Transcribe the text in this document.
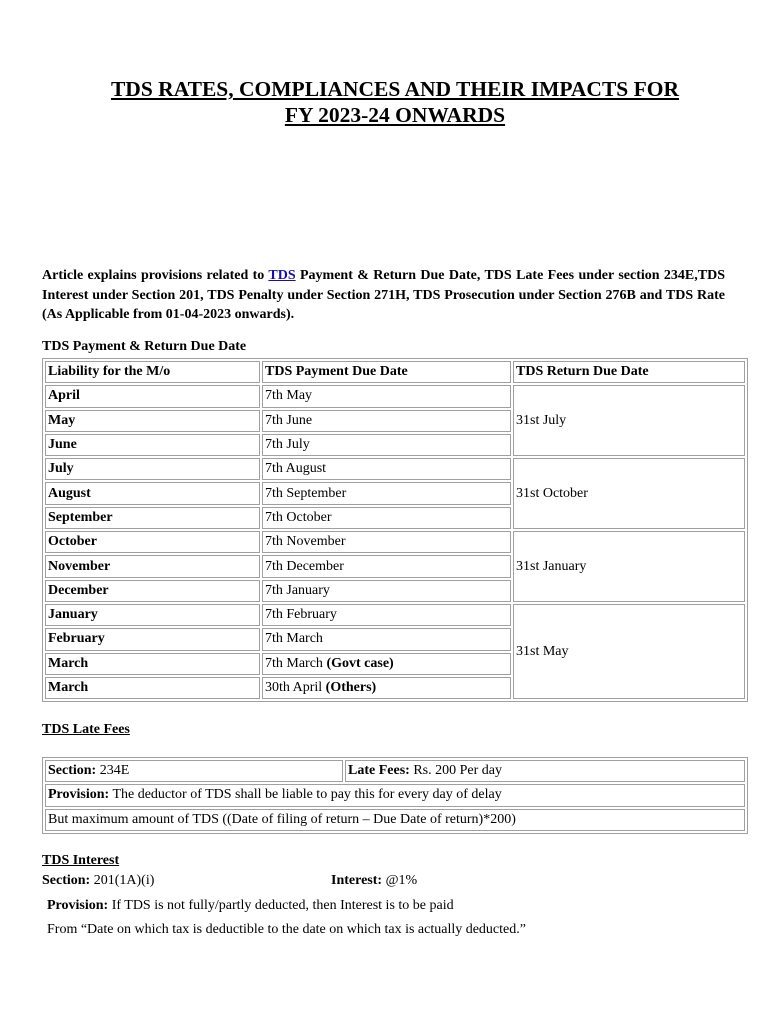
TDS RATES, COMPLIANCES AND THEIR IMPACTS FOR
FY 2023-24 ONWARDS
Article explains provisions related to TDS Payment & Return Due Date, TDS Late Fees under section 234E,TDS Interest under Section 201, TDS Penalty under Section 271H, TDS Prosecution under Section 276B and TDS Rate (As Applicable from 01-04-2023 onwards).
TDS Payment & Return Due Date
Liability for the M/o	TDS Payment Due Date	TDS Return Due Date
April	7th May	31st July
May	7th June	
June	7th July	
July	7th August	31st October
August	7th September	
September	7th October	
October	7th November	31st January
November	7th December	
December	7th January	
January	7th February	31st May
February	7th March	
March	7th March (Govt case)	
March	30th April (Others)	
TDS Late Fees
Section: 234E	Late Fees: Rs. 200 Per day
Provision: The deductor of TDS shall be liable to pay this for every day of delay
But maximum amount of TDS ((Date of filing of return – Due Date of return)*200)
TDS Interest
Section: 201(1A)(i)	Interest: @1%
Provision: If TDS is not fully/partly deducted, then Interest is to be paid
From “Date on which tax is deductible to the date on which tax is actually deducted.”
